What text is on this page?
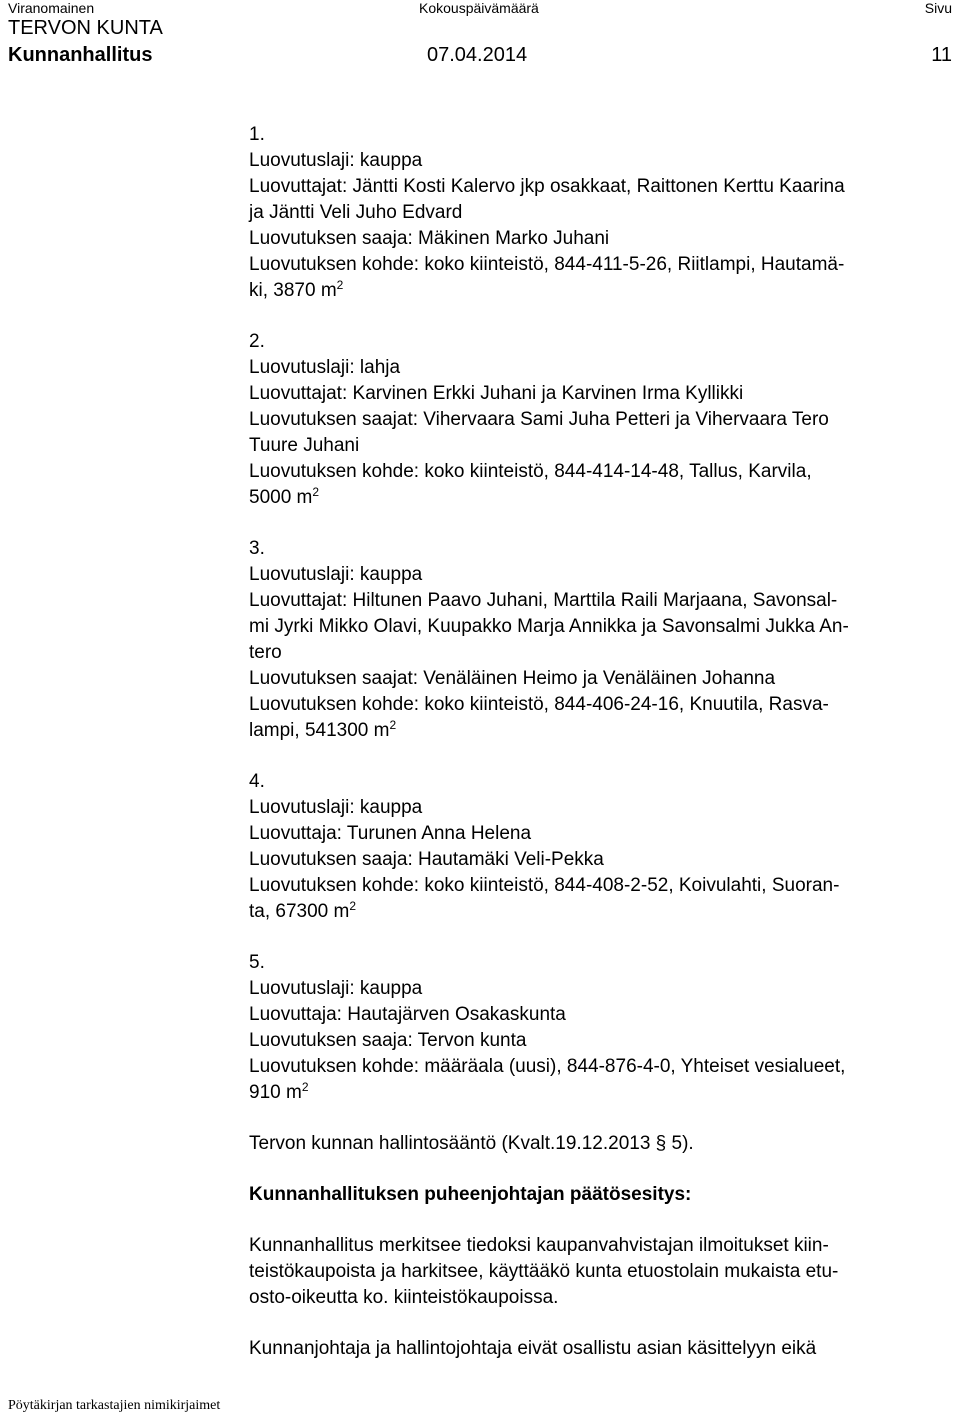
Viranomainen	Kokouspäivämäärä	Sivu
TERVON KUNTA
Kunnanhallitus	07.04.2014	11
1.
Luovutuslaji: kauppa
Luovuttajat: Jäntti Kosti Kalervo jkp osakkaat, Raittonen Kerttu Kaarina
ja Jäntti Veli Juho Edvard
Luovutuksen saaja: Mäkinen Marko Juhani
Luovutuksen kohde: koko kiinteistö, 844-411-5-26, Riitlampi, Hautamä-
ki, 3870 $m^2$
2.
Luovutuslaji: lahja
Luovuttajat: Karvinen Erkki Juhani ja Karvinen Irma Kyllikki
Luovutuksen saajat: Vihervaara Sami Juha Petteri ja Vihervaara Tero
Tuure Juhani
Luovutuksen kohde: koko kiinteistö, 844-414-14-48, Tallus, Karvila,
5000 $m^2$
3.
Luovutuslaji: kauppa
Luovuttajat: Hiltunen Paavo Juhani, Marttila Raili Marjaana, Savonsal-
mi Jyrki Mikko Olavi, Kuupakko Marja Annikka ja Savonsalmi Jukka An-
tero
Luovutuksen saajat: Venäläinen Heimo ja Venäläinen Johanna
Luovutuksen kohde: koko kiinteistö, 844-406-24-16, Knuutila, Rasva-
lampi, 541300 $m^2$
4.
Luovutuslaji: kauppa
Luovuttaja: Turunen Anna Helena
Luovutuksen saaja: Hautamäki Veli-Pekka
Luovutuksen kohde: koko kiinteistö, 844-408-2-52, Koivulahti, Suoran-
ta, 67300 $m^2$
5.
Luovutuslaji: kauppa
Luovuttaja: Hautajärven Osakaskunta
Luovutuksen saaja: Tervon kunta
Luovutuksen kohde: määräala (uusi), 844-876-4-0, Yhteiset vesialueet,
910 $m^2$
Tervon kunnan hallintosääntö (Kvalt.19.12.2013 § 5).
Kunnanhallituksen puheenjohtajan päätösesitys:
Kunnanhallitus merkitsee tiedoksi kaupanvahvistajan ilmoitukset kiin-
teistökaupoista ja harkitsee, käyttääkö kunta etuostolain mukaista etu-
osto-oikeutta ko. kiinteistökaupoissa.
Kunnanjohtaja ja hallintojohtaja eivät osallistu asian käsittelyyn eikä
Pöytäkirjan tarkastajien nimikirjaimet
